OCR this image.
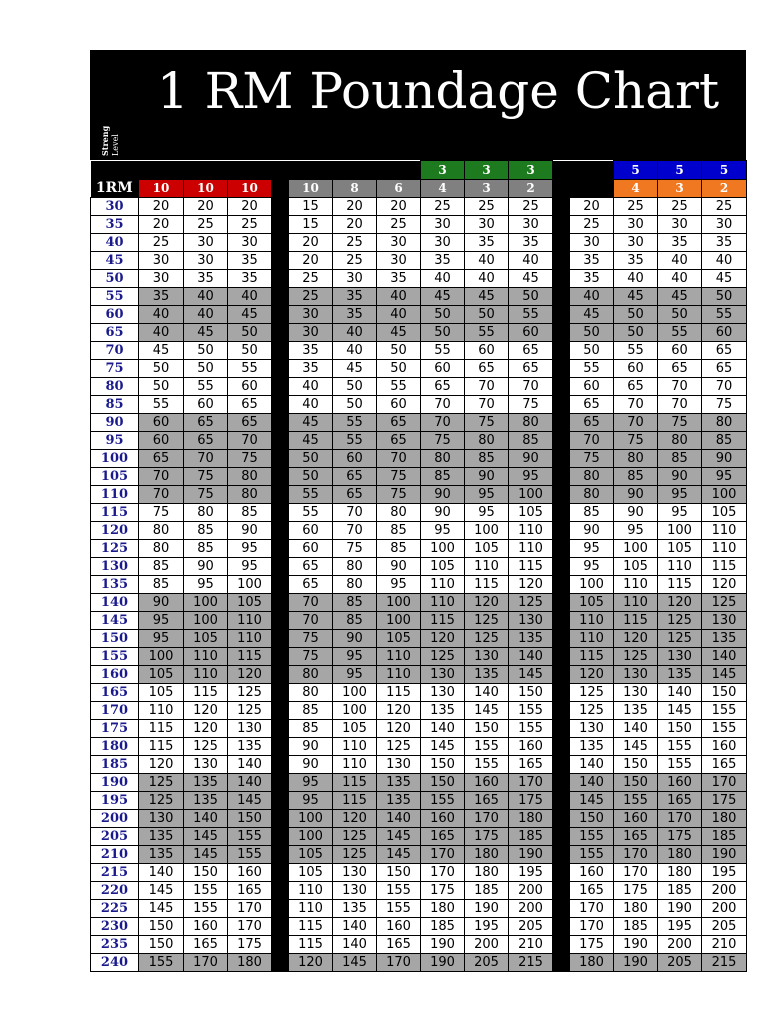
1 RM Poundage Chart
Streng Level
								3	3	3			5	5	5
1RM	10	10	10		10	8	6	4	3	2			4	3	2
30	20	20	20		15	20	20	25	25	25		20	25	25	25
35	20	25	25		15	20	25	30	30	30		25	30	30	30
40	25	30	30		20	25	30	30	35	35		30	30	35	35
45	30	30	35		20	25	30	35	40	40		35	35	40	40
50	30	35	35		25	30	35	40	40	45		35	40	40	45
55	35	40	40		25	35	40	45	45	50		40	45	45	50
60	40	40	45		30	35	40	50	50	55		45	50	50	55
65	40	45	50		30	40	45	50	55	60		50	50	55	60
70	45	50	50		35	40	50	55	60	65		50	55	60	65
75	50	50	55		35	45	50	60	65	65		55	60	65	65
80	50	55	60		40	50	55	65	70	70		60	65	70	70
85	55	60	65		40	50	60	70	70	75		65	70	70	75
90	60	65	65		45	55	65	70	75	80		65	70	75	80
95	60	65	70		45	55	65	75	80	85		70	75	80	85
100	65	70	75		50	60	70	80	85	90		75	80	85	90
105	70	75	80		50	65	75	85	90	95		80	85	90	95
110	70	75	80		55	65	75	90	95	100		80	90	95	100
115	75	80	85		55	70	80	90	95	105		85	90	95	105
120	80	85	90		60	70	85	95	100	110		90	95	100	110
125	80	85	95		60	75	85	100	105	110		95	100	105	110
130	85	90	95		65	80	90	105	110	115		95	105	110	115
135	85	95	100		65	80	95	110	115	120		100	110	115	120
140	90	100	105		70	85	100	110	120	125		105	110	120	125
145	95	100	110		70	85	100	115	125	130		110	115	125	130
150	95	105	110		75	90	105	120	125	135		110	120	125	135
155	100	110	115		75	95	110	125	130	140		115	125	130	140
160	105	110	120		80	95	110	130	135	145		120	130	135	145
165	105	115	125		80	100	115	130	140	150		125	130	140	150
170	110	120	125		85	100	120	135	145	155		125	135	145	155
175	115	120	130		85	105	120	140	150	155		130	140	150	155
180	115	125	135		90	110	125	145	155	160		135	145	155	160
185	120	130	140		90	110	130	150	155	165		140	150	155	165
190	125	135	140		95	115	135	150	160	170		140	150	160	170
195	125	135	145		95	115	135	155	165	175		145	155	165	175
200	130	140	150		100	120	140	160	170	180		150	160	170	180
205	135	145	155		100	125	145	165	175	185		155	165	175	185
210	135	145	155		105	125	145	170	180	190		155	170	180	190
215	140	150	160		105	130	150	170	180	195		160	170	180	195
220	145	155	165		110	130	155	175	185	200		165	175	185	200
225	145	155	170		110	135	155	180	190	200		170	180	190	200
230	150	160	170		115	140	160	185	195	205		170	185	195	205
235	150	165	175		115	140	165	190	200	210		175	190	200	210
240	155	170	180		120	145	170	190	205	215		180	190	205	215
